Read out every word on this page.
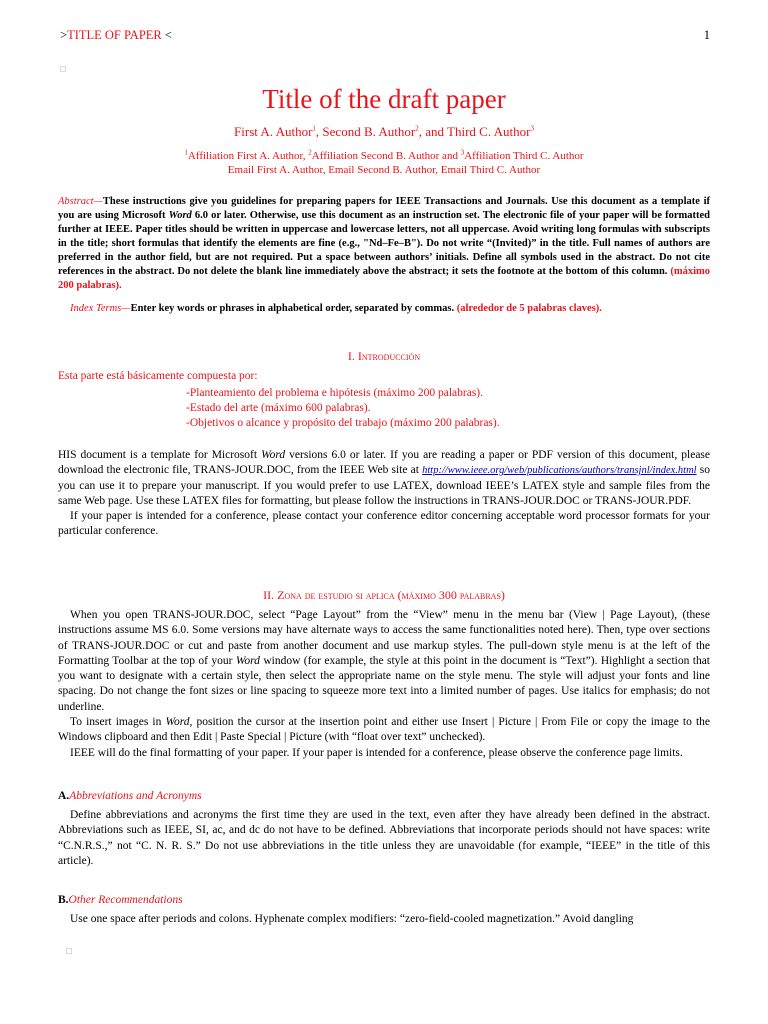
>TITLE OF PAPER <	1
Title of the draft paper
First A. Author$^1$, Second B. Author$^2$, and Third C. Author$^3$
$^1$Affiliation First A. Author, $^2$Affiliation Second B. Author and $^3$Affiliation Third C. Author
Email First A. Author, Email Second B. Author, Email Third C. Author
Abstract—These instructions give you guidelines for preparing papers for IEEE Transactions and Journals. Use this document as a template if you are using Microsoft Word 6.0 or later. Otherwise, use this document as an instruction set. The electronic file of your paper will be formatted further at IEEE. Paper titles should be written in uppercase and lowercase letters, not all uppercase. Avoid writing long formulas with subscripts in the title; short formulas that identify the elements are fine (e.g., "Nd–Fe–B"). Do not write “(Invited)” in the title. Full names of authors are preferred in the author field, but are not required. Put a space between authors’ initials. Define all symbols used in the abstract. Do not cite references in the abstract. Do not delete the blank line immediately above the abstract; it sets the footnote at the bottom of this column. (máximo 200 palabras).
Index Terms—Enter key words or phrases in alphabetical order, separated by commas. (alrededor de 5 palabras claves).
I. Introducción
Esta parte está básicamente compuesta por:
-Planteamiento del problema e hipótesis (máximo 200 palabras).
-Estado del arte (máximo 600 palabras).
-Objetivos o alcance y propósito del trabajo (máximo 200 palabras).

HIS document is a template for Microsoft Word versions 6.0 or later. If you are reading a paper or PDF version of this document, please download the electronic file, TRANS-JOUR.DOC, from the IEEE Web site at http://www.ieee.org/web/publications/authors/transjnl/index.html so you can use it to prepare your manuscript. If you would prefer to use LATEX, download IEEE’s LATEX style and sample files from the same Web page. Use these LATEX files for formatting, but please follow the instructions in TRANS-JOUR.DOC or TRANS-JOUR.PDF.

If your paper is intended for a conference, please contact your conference editor concerning acceptable word processor formats for your particular conference.

II. Zona de estudio si aplica (máximo 300 palabras)

When you open TRANS-JOUR.DOC, select “Page Layout” from the “View” menu in the menu bar (View | Page Layout), (these instructions assume MS 6.0. Some versions may have alternate ways to access the same functionalities noted here). Then, type over sections of TRANS-JOUR.DOC or cut and paste from another document and use markup styles. The pull-down style menu is at the left of the Formatting Toolbar at the top of your Word window (for example, the style at this point in the document is “Text”). Highlight a section that you want to designate with a certain style, then select the appropriate name on the style menu. The style will adjust your fonts and line spacing. Do not change the font sizes or line spacing to squeeze more text into a limited number of pages. Use italics for emphasis; do not underline.

To insert images in Word, position the cursor at the insertion point and either use Insert | Picture | From File or copy the image to the Windows clipboard and then Edit | Paste Special | Picture (with “float over text” unchecked).

IEEE will do the final formatting of your paper. If your paper is intended for a conference, please observe the conference page limits.

A.Abbreviations and Acronyms

Define abbreviations and acronyms the first time they are used in the text, even after they have already been defined in the abstract. Abbreviations such as IEEE, SI, ac, and dc do not have to be defined. Abbreviations that incorporate periods should not have spaces: write “C.N.R.S.,” not “C. N. R. S.” Do not use abbreviations in the title unless they are unavoidable (for example, “IEEE” in the title of this article).

B.Other Recommendations

Use one space after periods and colons. Hyphenate complex modifiers: “zero-field-cooled magnetization.” Avoid dangling
